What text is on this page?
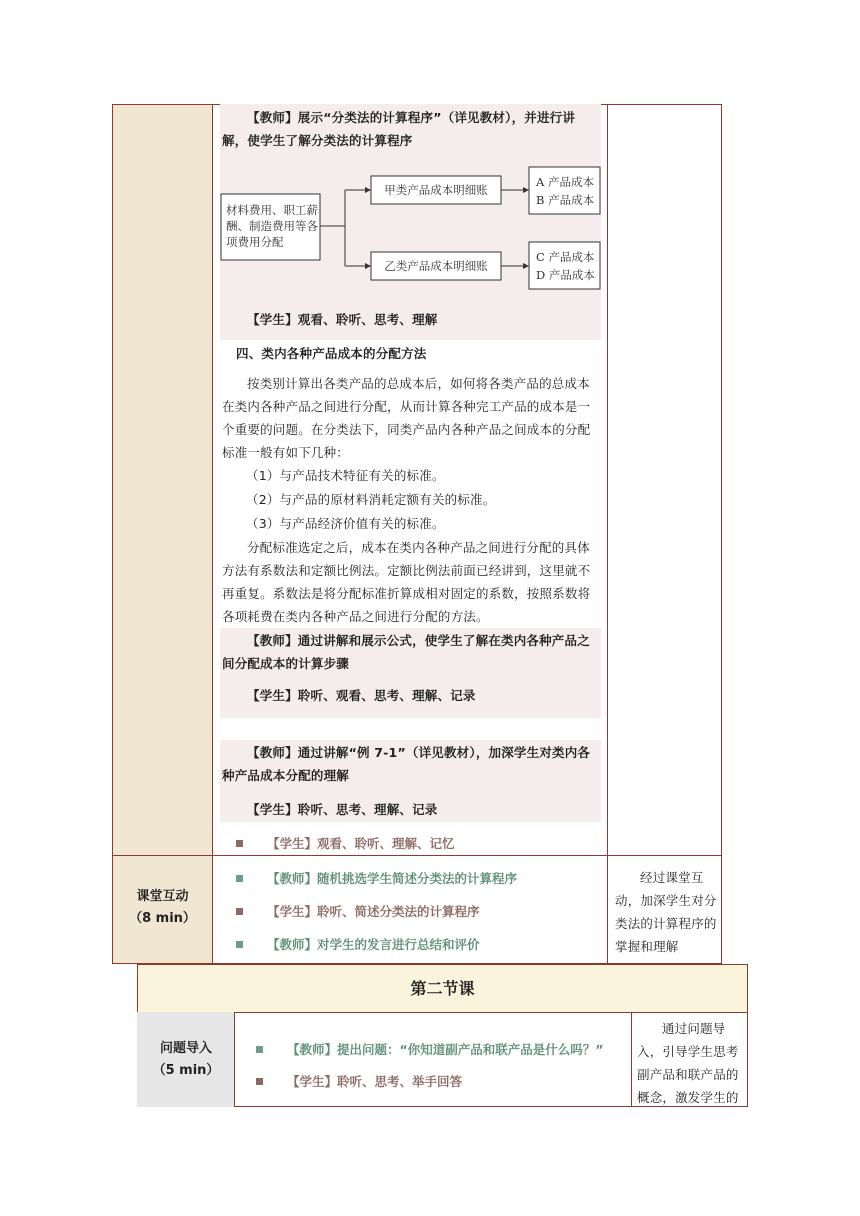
【教师】展示“分类法的计算程序”（详见教材），并进行讲解，使学生了解分类法的计算程序
材料费用、职工薪
酬、制造费用等各
项费用分配
甲类产品成本明细账
乙类产品成本明细账
A 产品成本
B 产品成本
C 产品成本
D 产品成本
【学生】观看、聆听、思考、理解
四、类内各种产品成本的分配方法
按类别计算出各类产品的总成本后，如何将各类产品的总成本在类内各种产品之间进行分配，从而计算各种完工产品的成本是一个重要的问题。在分类法下，同类产品内各种产品之间成本的分配标准一般有如下几种：
（1）与产品技术特征有关的标准。
（2）与产品的原材料消耗定额有关的标准。
（3）与产品经济价值有关的标准。
分配标准选定之后，成本在类内各种产品之间进行分配的具体方法有系数法和定额比例法。定额比例法前面已经讲到，这里就不再重复。系数法是将分配标准折算成相对固定的系数，按照系数将各项耗费在类内各种产品之间进行分配的方法。
【教师】通过讲解和展示公式，使学生了解在类内各种产品之间分配成本的计算步骤
【学生】聆听、观看、思考、理解、记录
【教师】通过讲解“例 7-1”（详见教材），加深学生对类内各种产品成本分配的理解
【学生】聆听、思考、理解、记录
【学生】观看、聆听、理解、记忆
课堂互动
（8 min）
【教师】随机挑选学生简述分类法的计算程序
【学生】聆听、简述分类法的计算程序
【教师】对学生的发言进行总结和评价
经过课堂互动，加深学生对分类法的计算程序的掌握和理解
第二节课
问题导入
（5 min）
【教师】提出问题：“你知道副产品和联产品是什么吗？”
【学生】聆听、思考、举手回答
通过问题导入，引导学生思考副产品和联产品的概念，激发学生的
